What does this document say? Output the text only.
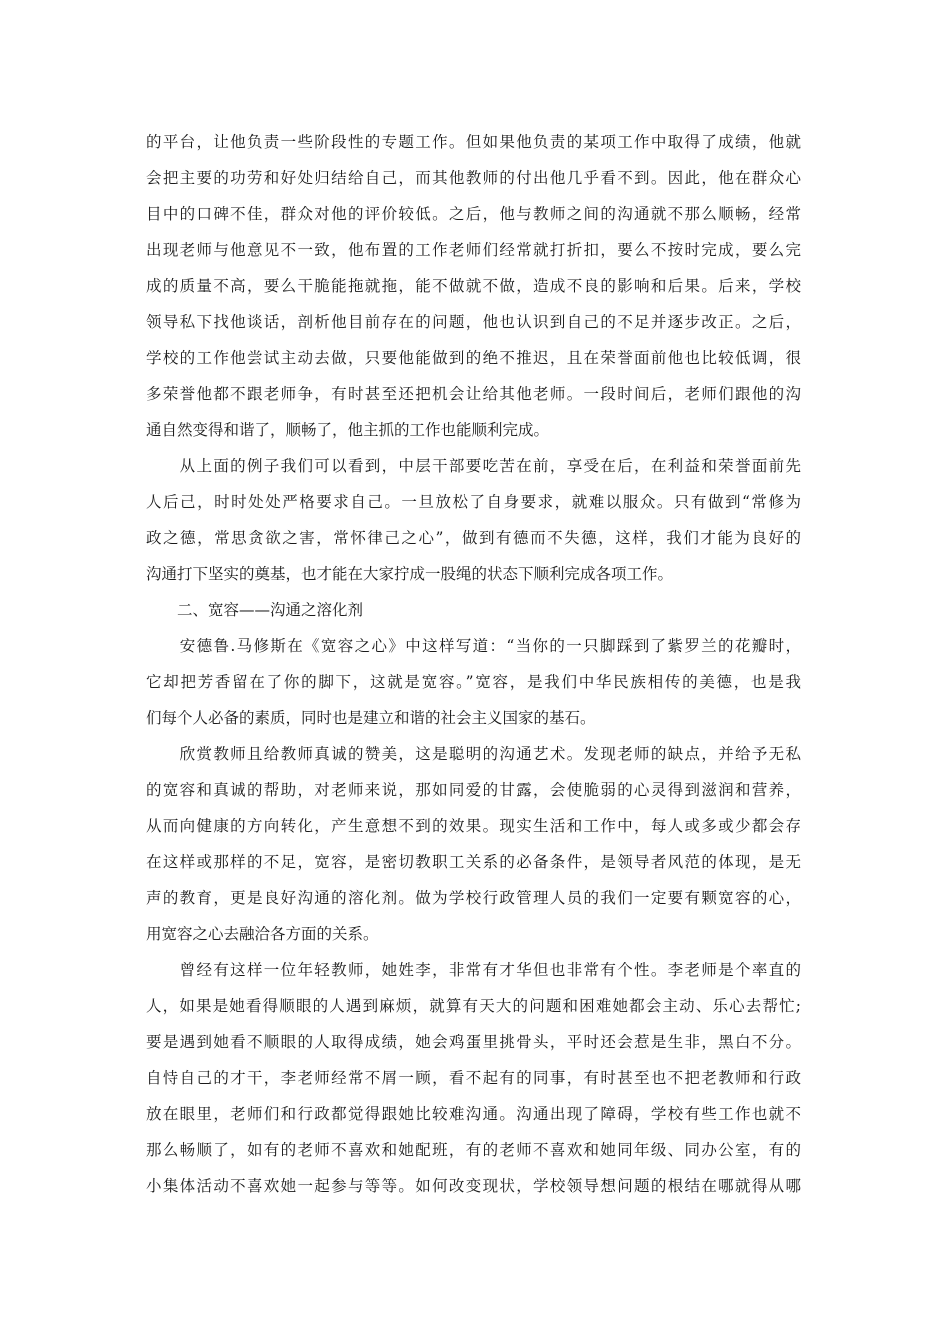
的平台，让他负责一些阶段性的专题工作。但如果他负责的某项工作中取得了成绩，他就
会把主要的功劳和好处归结给自己，而其他教师的付出他几乎看不到。因此，他在群众心
目中的口碑不佳，群众对他的评价较低。之后，他与教师之间的沟通就不那么顺畅，经常
出现老师与他意见不一致，他布置的工作老师们经常就打折扣，要么不按时完成，要么完
成的质量不高，要么干脆能拖就拖，能不做就不做，造成不良的影响和后果。后来，学校
领导私下找他谈话，剖析他目前存在的问题，他也认识到自己的不足并逐步改正。之后，
学校的工作他尝试主动去做，只要他能做到的绝不推迟，且在荣誉面前他也比较低调，很
多荣誉他都不跟老师争，有时甚至还把机会让给其他老师。一段时间后，老师们跟他的沟
通自然变得和谐了，顺畅了，他主抓的工作也能顺利完成。
　　从上面的例子我们可以看到，中层干部要吃苦在前，享受在后，在利益和荣誉面前先
人后己，时时处处严格要求自己。一旦放松了自身要求，就难以服众。只有做到“常修为
政之德，常思贪欲之害，常怀律己之心”，做到有德而不失德，这样，我们才能为良好的
沟通打下坚实的奠基，也才能在大家拧成一股绳的状态下顺利完成各项工作。
　　二、宽容——沟通之溶化剂
　　安德鲁.马修斯在《宽容之心》中这样写道：“当你的一只脚踩到了紫罗兰的花瓣时，
它却把芳香留在了你的脚下，这就是宽容。”宽容，是我们中华民族相传的美德，也是我
们每个人必备的素质，同时也是建立和谐的社会主义国家的基石。
　　欣赏教师且给教师真诚的赞美，这是聪明的沟通艺术。发现老师的缺点，并给予无私
的宽容和真诚的帮助，对老师来说，那如同爱的甘露，会使脆弱的心灵得到滋润和营养，
从而向健康的方向转化，产生意想不到的效果。现实生活和工作中，每人或多或少都会存
在这样或那样的不足，宽容，是密切教职工关系的必备条件，是领导者风范的体现，是无
声的教育，更是良好沟通的溶化剂。做为学校行政管理人员的我们一定要有颗宽容的心，
用宽容之心去融洽各方面的关系。
　　曾经有这样一位年轻教师，她姓李，非常有才华但也非常有个性。李老师是个率直的
人，如果是她看得顺眼的人遇到麻烦，就算有天大的问题和困难她都会主动、乐心去帮忙;
要是遇到她看不顺眼的人取得成绩，她会鸡蛋里挑骨头，平时还会惹是生非，黑白不分。
自恃自己的才干，李老师经常不屑一顾，看不起有的同事，有时甚至也不把老教师和行政
放在眼里，老师们和行政都觉得跟她比较难沟通。沟通出现了障碍，学校有些工作也就不
那么畅顺了，如有的老师不喜欢和她配班，有的老师不喜欢和她同年级、同办公室，有的
小集体活动不喜欢她一起参与等等。如何改变现状，学校领导想问题的根结在哪就得从哪
